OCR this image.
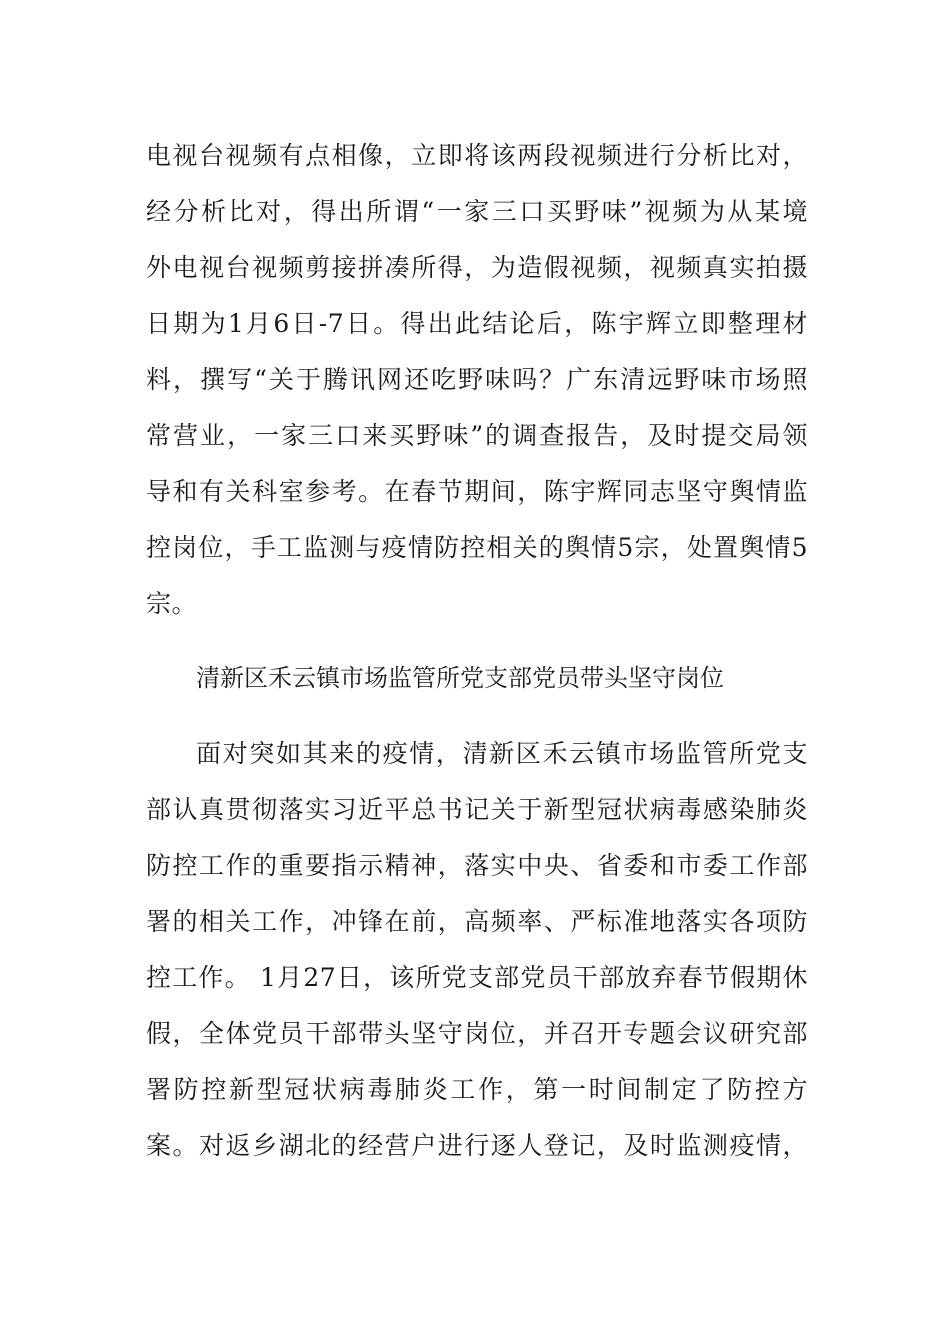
电视台视频有点相像，立即将该两段视频进行分析比对，
经分析比对，得出所谓“一家三口买野味”视频为从某境
外电视台视频剪接拼凑所得，为造假视频，视频真实拍摄
日期为1月6日-7日。得出此结论后，陈宇辉立即整理材
料，撰写“关于腾讯网还吃野味吗？广东清远野味市场照
常营业，一家三口来买野味”的调查报告，及时提交局领
导和有关科室参考。在春节期间，陈宇辉同志坚守舆情监
控岗位，手工监测与疫情防控相关的舆情5宗，处置舆情5
宗。
清新区禾云镇市场监管所党支部党员带头坚守岗位
面对突如其来的疫情，清新区禾云镇市场监管所党支
部认真贯彻落实习近平总书记关于新型冠状病毒感染肺炎
防控工作的重要指示精神，落实中央、省委和市委工作部
署的相关工作，冲锋在前，高频率、严标准地落实各项防
控工作。 1月27日，该所党支部党员干部放弃春节假期休
假，全体党员干部带头坚守岗位，并召开专题会议研究部
署防控新型冠状病毒肺炎工作，第一时间制定了防控方
案。对返乡湖北的经营户进行逐人登记，及时监测疫情，
